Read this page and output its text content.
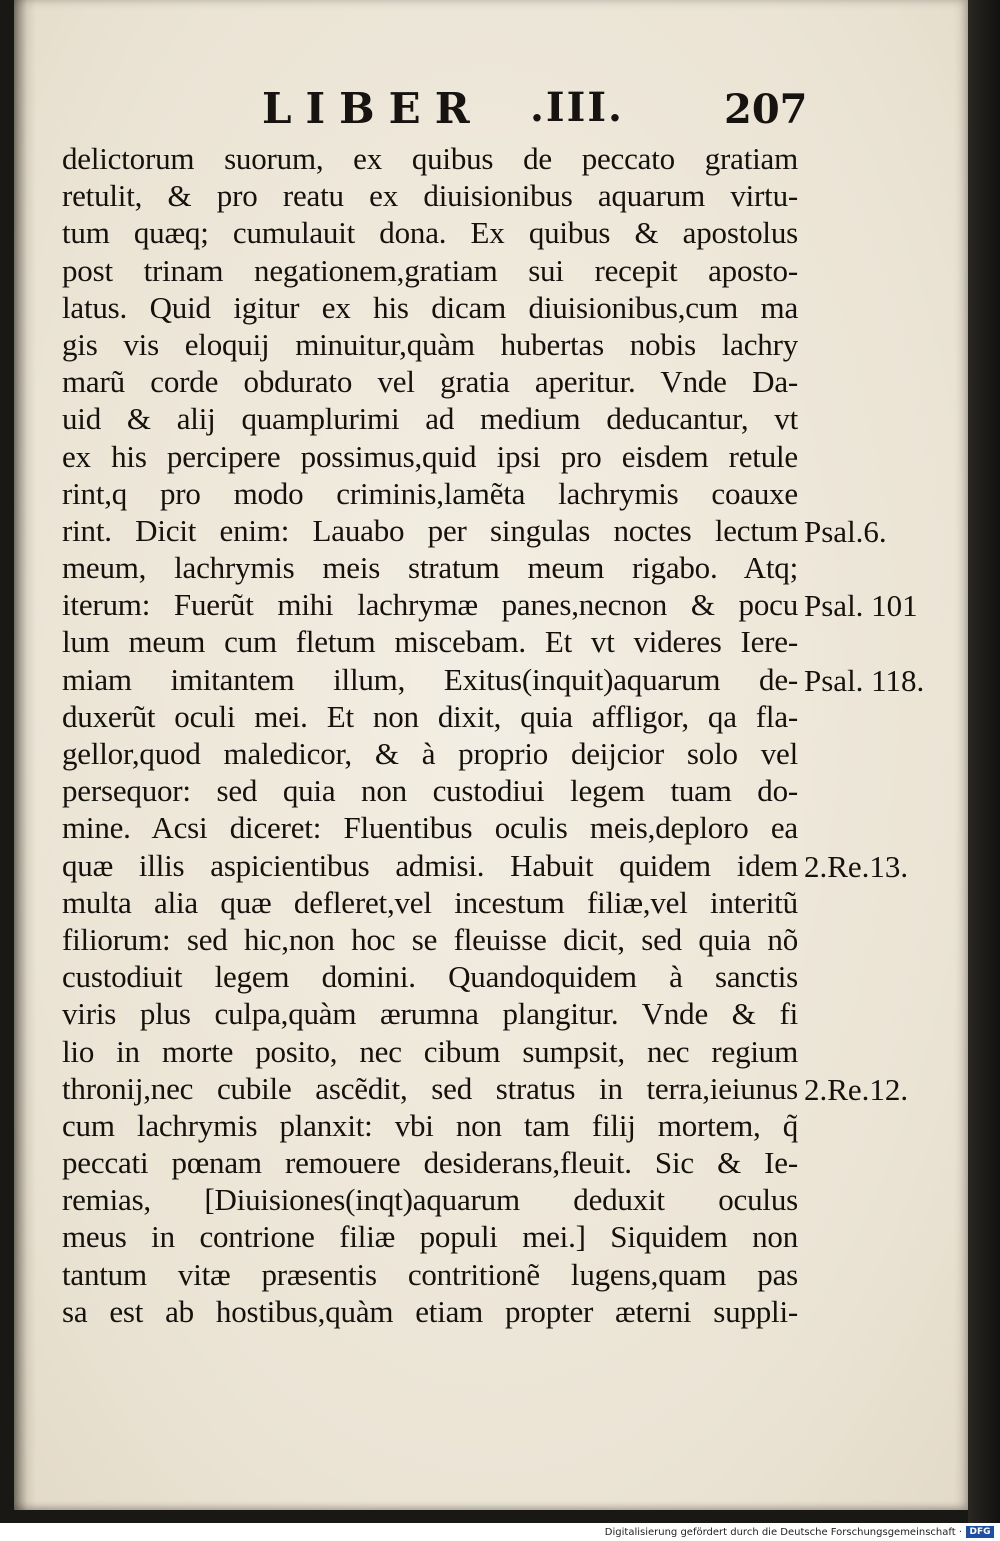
LIBER .III.	207
delictorum suorum, ex quibus de peccato gratiam
retulit, & pro reatu ex diuisionibus aquarum virtu-
tum quæq; cumulauit dona. Ex quibus & apostolus
post trinam negationem,gratiam sui recepit aposto-
latus. Quid igitur ex his dicam diuisionibus,cum ma
gis vis eloquij minuitur,quàm hubertas nobis lachry
marũ corde obdurato vel gratia aperitur. Vnde Da-
uid & alij quamplurimi ad medium deducantur, vt
ex his percipere possimus,quid ipsi pro eisdem retule
rint,q pro modo criminis,lamẽta lachrymis coauxe
rint. Dicit enim: Lauabo per singulas noctes lectum
meum, lachrymis meis stratum meum rigabo. Atq;
iterum: Fuerũt mihi lachrymæ panes,necnon & pocu
lum meum cum fletum miscebam. Et vt videres Iere-
miam imitantem illum, Exitus(inquit)aquarum de-
duxerũt oculi mei. Et non dixit, quia affligor, qa fla-
gellor,quod maledicor, & à proprio deijcior solo vel
persequor: sed quia non custodiui legem tuam do-
mine. Acsi diceret: Fluentibus oculis meis,deploro ea
quæ illis aspicientibus admisi. Habuit quidem idem
multa alia quæ defleret,vel incestum filiæ,vel interitũ
filiorum: sed hic,non hoc se fleuisse dicit, sed quia nõ
custodiuit legem domini. Quandoquidem à sanctis
viris plus culpa,quàm ærumna plangitur. Vnde & fi
lio in morte posito, nec cibum sumpsit, nec regium
thronij,nec cubile ascẽdit, sed stratus in terra,ieiunus
cum lachrymis planxit: vbi non tam filij mortem, q̃
peccati pœnam remouere desiderans,fleuit. Sic & Ie-
remias, [Diuisiones(inqt)aquarum deduxit oculus
meus in contrione filiæ populi mei.] Siquidem non
tantum vitæ præsentis contritionẽ lugens,quam pas
sa est ab hostibus,quàm etiam propter æterni suppli-
Psal.6.
Psal. 101
Psal. 118.
2.Re.13.
2.Re.12.
Digitalisierung gefördert durch die Deutsche Forschungsgemeinschaft · DFG
